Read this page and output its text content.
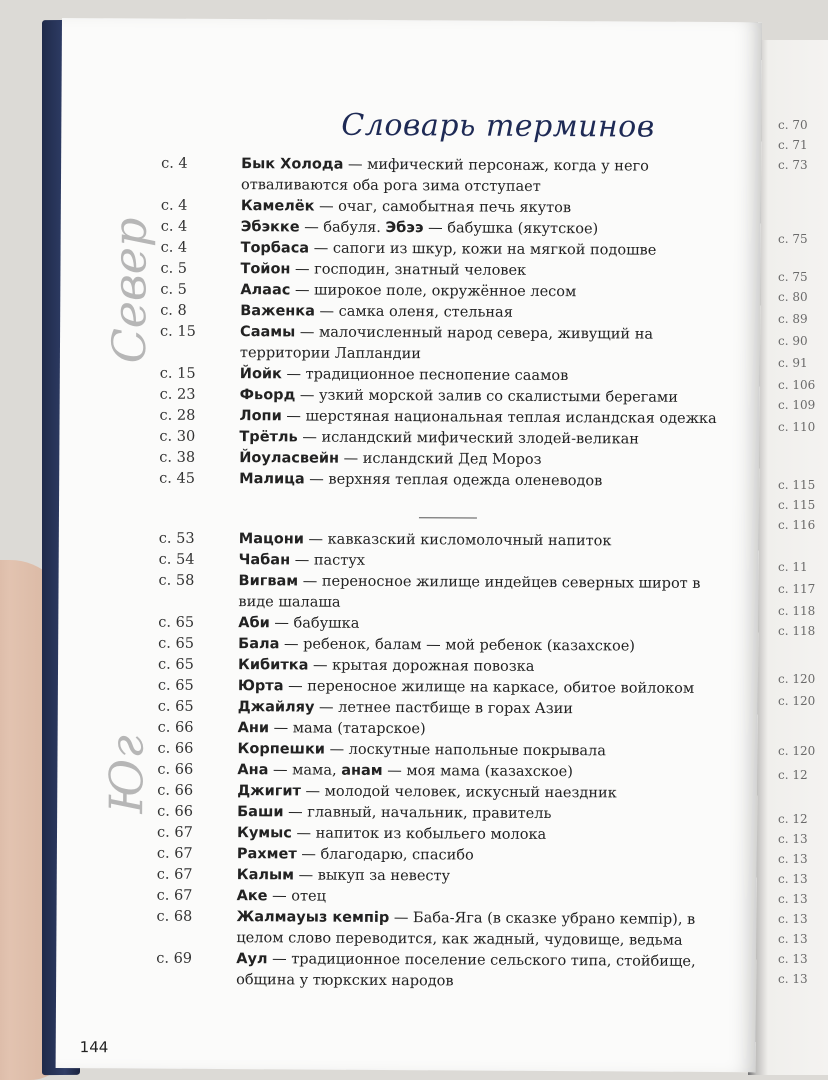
с. 70
с. 71
с. 73
с. 75
с. 75
с. 80
с. 89
с. 90
с. 91
с. 106
с. 109
с. 110
с. 115
с. 115
с. 116
с. 11
с. 117
с. 118
с. 118
с. 120
с. 120
с. 120
с. 12
с. 12
с. 13
с. 13
с. 13
с. 13
с. 13
с. 13
с. 13
с. 13
Словарь терминов
Север
Юг
с. 4	Бык Холода — мифический персонаж, когда у него отваливаются оба рога зима отступает
с. 4	Камелёк — очаг, самобытная печь якутов
с. 4	Эбэкке — бабуля. Эбээ — бабушка (якутское)
с. 4	Торбаса — сапоги из шкур, кожи на мягкой подошве
с. 5	Тойон — господин, знатный человек
с. 5	Алаас — широкое поле, окружённое лесом
с. 8	Важенка — самка оленя, стельная
с. 15	Саамы — малочисленный народ севера, живущий на территории Лапландии
с. 15	Йойк — традиционное песнопение саамов
с. 23	Фьорд — узкий морской залив со скалистыми берегами
с. 28	Лопи — шерстяная национальная теплая исландская одежка
с. 30	Трётль — исландский мифический злодей-великан
с. 38	Йоуласвейн — исландский Дед Мороз
с. 45	Малица — верхняя теплая одежда оленеводов
с. 53	Мацони — кавказский кисломолочный напиток
с. 54	Чабан — пастух
с. 58	Вигвам — переносное жилище индейцев северных широт в виде шалаша
с. 65	Аби — бабушка
с. 65	Бала — ребенок, балам — мой ребенок (казахское)
с. 65	Кибитка — крытая дорожная повозка
с. 65	Юрта — переносное жилище на каркасе, обитое войлоком
с. 65	Джайляу — летнее пастбище в горах Азии
с. 66	Ани — мама (татарское)
с. 66	Корпешки — лоскутные напольные покрывала
с. 66	Ана — мама, анам — моя мама (казахское)
с. 66	Джигит — молодой человек, искусный наездник
с. 66	Баши — главный, начальник, правитель
с. 67	Кумыс — напиток из кобыльего молока
с. 67	Рахмет — благодарю, спасибо
с. 67	Калым — выкуп за невесту
с. 67	Аке — отец
с. 68	Жалмауыз кемпір — Баба-Яга (в сказке убрано кемпір), в целом слово переводится, как жадный, чудовище, ведьма
с. 69	Аул — традиционное поселение сельского типа, стойбище, община у тюркских народов
144
